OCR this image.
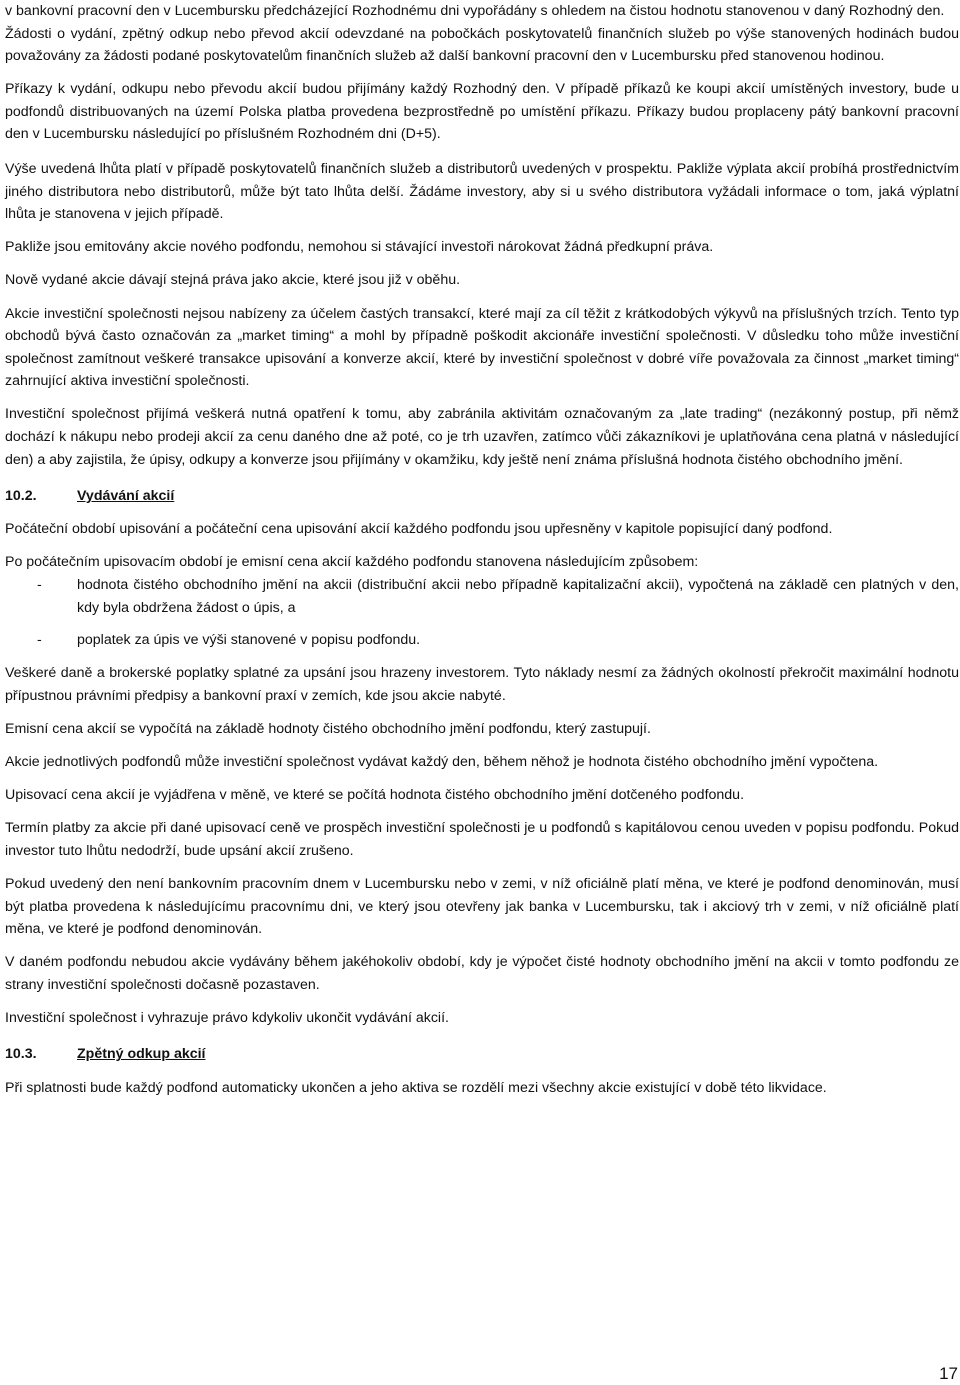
v bankovní pracovní den v Lucembursku předcházející Rozhodnému dni vypořádány s ohledem na čistou hodnotu stanovenou v daný Rozhodný den.

Žádosti o vydání, zpětný odkup nebo převod akcií odevzdané na pobočkách poskytovatelů finančních služeb po výše stanovených hodinách budou považovány za žádosti podané poskytovatelům finančních služeb až další bankovní pracovní den v Lucembursku před stanovenou hodinou.

Příkazy k vydání, odkupu nebo převodu akcií budou přijímány každý Rozhodný den. V případě příkazů ke koupi akcií umístěných investory, bude u podfondů distribuovaných na území Polska platba provedena bezprostředně po umístění příkazu. Příkazy budou proplaceny pátý bankovní pracovní den v Lucembursku následující po příslušném Rozhodném dni (D+5).

Výše uvedená lhůta platí v případě poskytovatelů finančních služeb a distributorů uvedených v prospektu. Pakliže výplata akcií probíhá prostřednictvím jiného distributora nebo distributorů, může být tato lhůta delší. Žádáme investory, aby si u svého distributora vyžádali informace o tom, jaká výplatní lhůta je stanovena v jejich případě.

Pakliže jsou emitovány akcie nového podfondu, nemohou si stávající investoři nárokovat žádná předkupní práva.

Nově vydané akcie dávají stejná práva jako akcie, které jsou již v oběhu.

Akcie investiční společnosti nejsou nabízeny za účelem častých transakcí, které mají za cíl těžit z krátkodobých výkyvů na příslušných trzích. Tento typ obchodů bývá často označován za „market timing“ a mohl by případně poškodit akcionáře investiční společnosti. V důsledku toho může investiční společnost zamítnout veškeré transakce upisování a konverze akcií, které by investiční společnost v dobré víře považovala za činnost „market timing“ zahrnující aktiva investiční společnosti.

Investiční společnost přijímá veškerá nutná opatření k tomu, aby zabránila aktivitám označovaným za „late trading“ (nezákonný postup, při němž dochází k nákupu nebo prodeji akcií za cenu daného dne až poté, co je trh uzavřen, zatímco vůči zákazníkovi je uplatňována cena platná v následující den) a aby zajistila, že úpisy, odkupy a konverze jsou přijímány v okamžiku, kdy ještě není známa příslušná hodnota čistého obchodního jmění.

10.2.	Vydávání akcií

Počáteční období upisování a počáteční cena upisování akcií každého podfondu jsou upřesněny v kapitole popisující daný podfond.

Po počátečním upisovacím období je emisní cena akcií každého podfondu stanovena následujícím způsobem:

-	hodnota čistého obchodního jmění na akcii (distribuční akcii nebo případně kapitalizační akcii), vypočtená na základě cen platných v den, kdy byla obdržena žádost o úpis, a
-	poplatek za úpis ve výši stanovené v popisu podfondu.

Veškeré daně a brokerské poplatky splatné za upsání jsou hrazeny investorem. Tyto náklady nesmí za žádných okolností překročit maximální hodnotu přípustnou právními předpisy a bankovní praxí v zemích, kde jsou akcie nabyté.

Emisní cena akcií se vypočítá na základě hodnoty čistého obchodního jmění podfondu, který zastupují.

Akcie jednotlivých podfondů může investiční společnost vydávat každý den, během něhož je hodnota čistého obchodního jmění vypočtena.

Upisovací cena akcií je vyjádřena v měně, ve které se počítá hodnota čistého obchodního jmění dotčeného podfondu.

Termín platby za akcie při dané upisovací ceně ve prospěch investiční společnosti je u podfondů s kapitálovou cenou uveden v popisu podfondu. Pokud investor tuto lhůtu nedodrží, bude upsání akcií zrušeno.

Pokud uvedený den není bankovním pracovním dnem v Lucembursku nebo v zemi, v níž oficiálně platí měna, ve které je podfond denominován, musí být platba provedena k následujícímu pracovnímu dni, ve který jsou otevřeny jak banka v Lucembursku, tak i akciový trh v zemi, v níž oficiálně platí měna, ve které je podfond denominován.

V daném podfondu nebudou akcie vydávány během jakéhokoliv období, kdy je výpočet čisté hodnoty obchodního jmění na akcii v tomto podfondu ze strany investiční společnosti dočasně pozastaven.

Investiční společnost i vyhrazuje právo kdykoliv ukončit vydávání akcií.

10.3.	Zpětný odkup akcií

Při splatnosti bude každý podfond automaticky ukončen a jeho aktiva se rozdělí mezi všechny akcie existující v době této likvidace.

17
